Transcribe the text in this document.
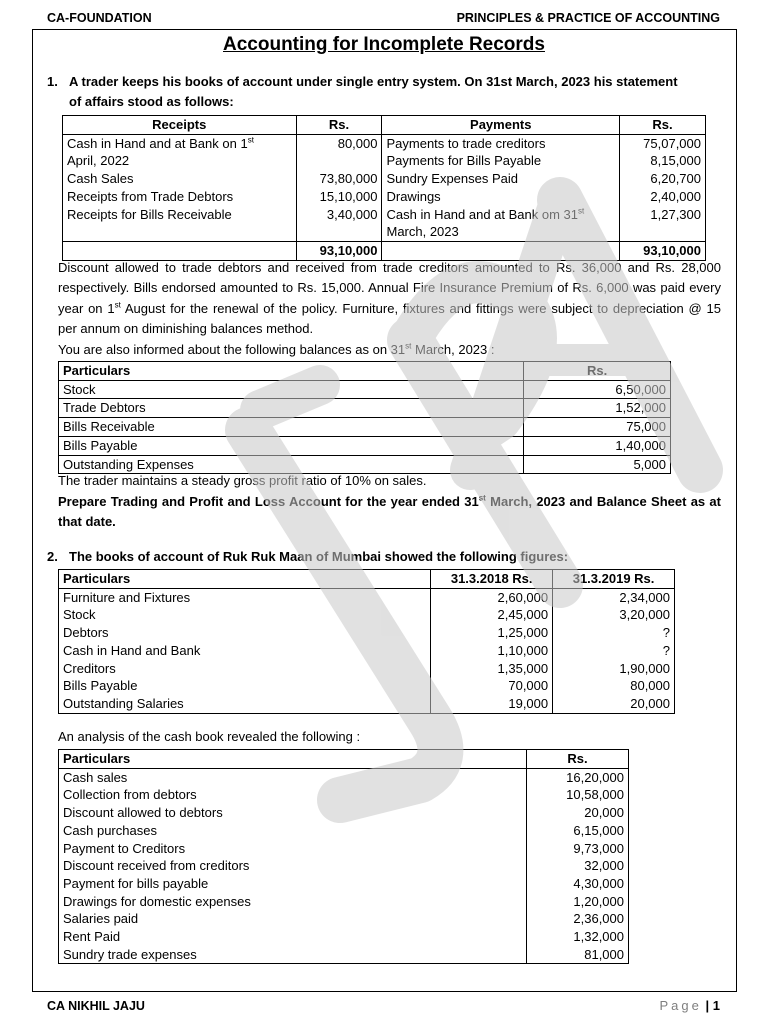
CA-FOUNDATION	PRINCIPLES & PRACTICE OF ACCOUNTING
Accounting for Incomplete Records
1. A trader keeps his books of account under single entry system. On 31st March, 2023 his statement
of affairs stood as follows:
Receipts	Rs.	Payments	Rs.
Cash in Hand and at Bank on 1st	80,000	Payments to trade creditors	75,07,000
April, 2022		Payments for Bills Payable	8,15,000
Cash Sales	73,80,000	Sundry Expenses Paid	6,20,700
Receipts from Trade Debtors	15,10,000	Drawings	2,40,000
Receipts for Bills Receivable	3,40,000	Cash in Hand and at Bank om 31st	1,27,300
		March, 2023	
	93,10,000		93,10,000
Discount allowed to trade debtors and received from trade creditors amounted to Rs. 36,000 and Rs. 28,000 respectively. Bills endorsed amounted to Rs. 15,000. Annual Fire Insurance Premium of Rs. 6,000 was paid every year on 1st August for the renewal of the policy. Furniture, fixtures and fittings were subject to depreciation @ 15 per annum on diminishing balances method.
You are also informed about the following balances as on 31st March, 2023 :
Particulars	Rs.
Stock	6,50,000
Trade Debtors	1,52,000
Bills Receivable	75,000
Bills Payable	1,40,000
Outstanding Expenses	5,000
The trader maintains a steady gross profit ratio of 10% on sales.
Prepare Trading and Profit and Loss Account for the year ended 31st March, 2023 and Balance Sheet as at that date.
2. The books of account of Ruk Ruk Maan of Mumbai showed the following figures:
Particulars	31.3.2018 Rs.	31.3.2019 Rs.
Furniture and Fixtures	2,60,000	2,34,000
Stock	2,45,000	3,20,000
Debtors	1,25,000	?
Cash in Hand and Bank	1,10,000	?
Creditors	1,35,000	1,90,000
Bills Payable	70,000	80,000
Outstanding Salaries	19,000	20,000
An analysis of the cash book revealed the following :
Particulars	Rs.
Cash sales	16,20,000
Collection from debtors	10,58,000
Discount allowed to debtors	20,000
Cash purchases	6,15,000
Payment to Creditors	9,73,000
Discount received from creditors	32,000
Payment for bills payable	4,30,000
Drawings for domestic expenses	1,20,000
Salaries paid	2,36,000
Rent Paid	1,32,000
Sundry trade expenses	81,000
CA NIKHIL JAJU	Page | 1
